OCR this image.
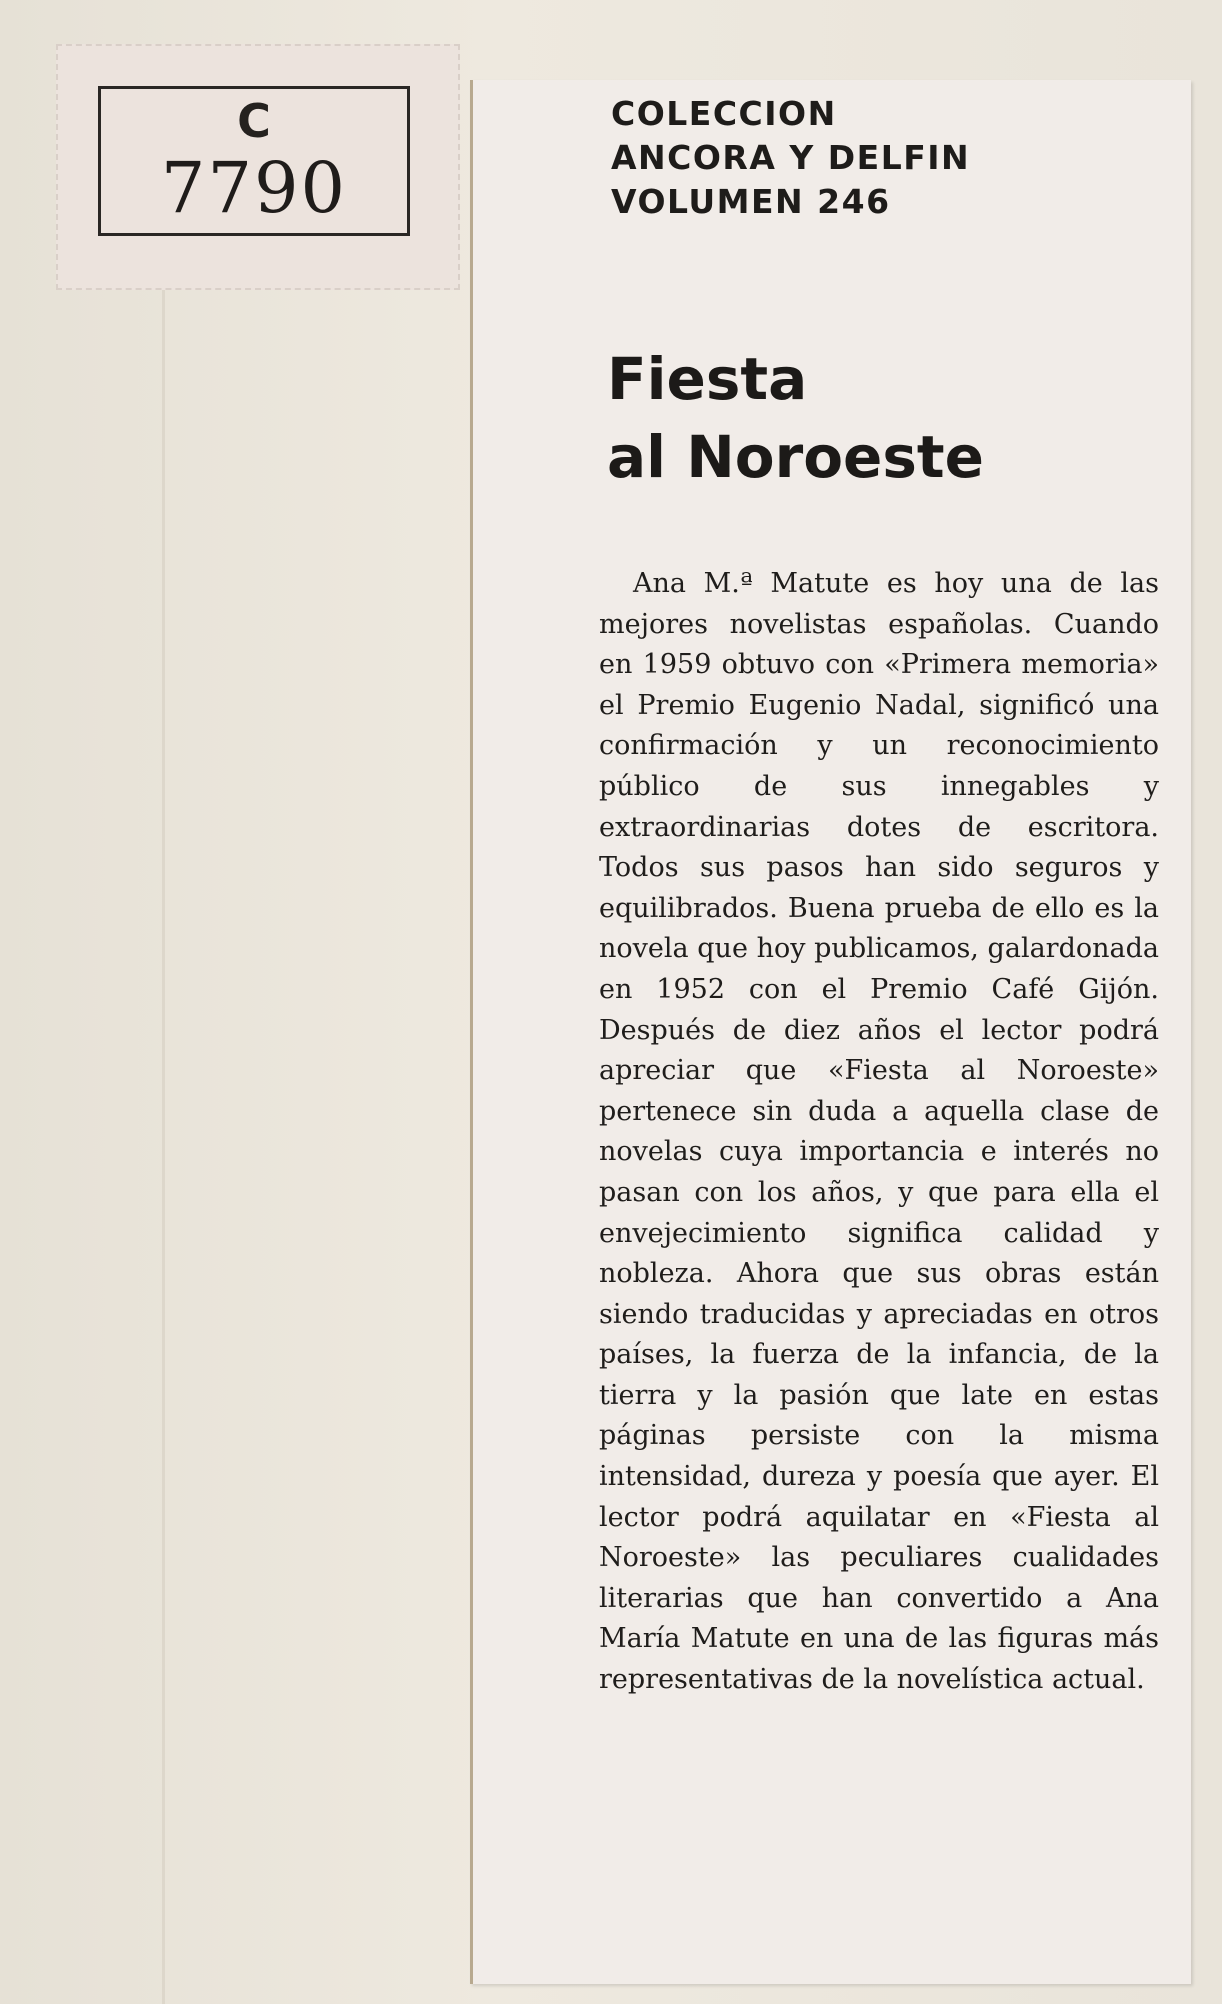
C
7790
COLECCION
ANCORA Y DELFIN
VOLUMEN 246
Fiesta
al Noroeste

Ana M.ª Matute es hoy una de las mejores novelistas españolas. Cuando en 1959 obtuvo con «Primera memoria» el Premio Eugenio Nadal, significó una confirmación y un reconocimiento público de sus innegables y extraordinarias dotes de escritora. Todos sus pasos han sido seguros y equilibrados. Buena prueba de ello es la novela que hoy publicamos, galardonada en 1952 con el Premio Café Gijón. Después de diez años el lector podrá apreciar que «Fiesta al Noroeste» pertenece sin duda a aquella clase de novelas cuya importancia e interés no pasan con los años, y que para ella el envejecimiento significa calidad y nobleza. Ahora que sus obras están siendo traducidas y apreciadas en otros países, la fuerza de la infancia, de la tierra y la pasión que late en estas páginas persiste con la misma intensidad, dureza y poesía que ayer. El lector podrá aquilatar en «Fiesta al Noroeste» las peculiares cualidades literarias que han convertido a Ana María Matute en una de las figuras más representativas de la novelística actual.
